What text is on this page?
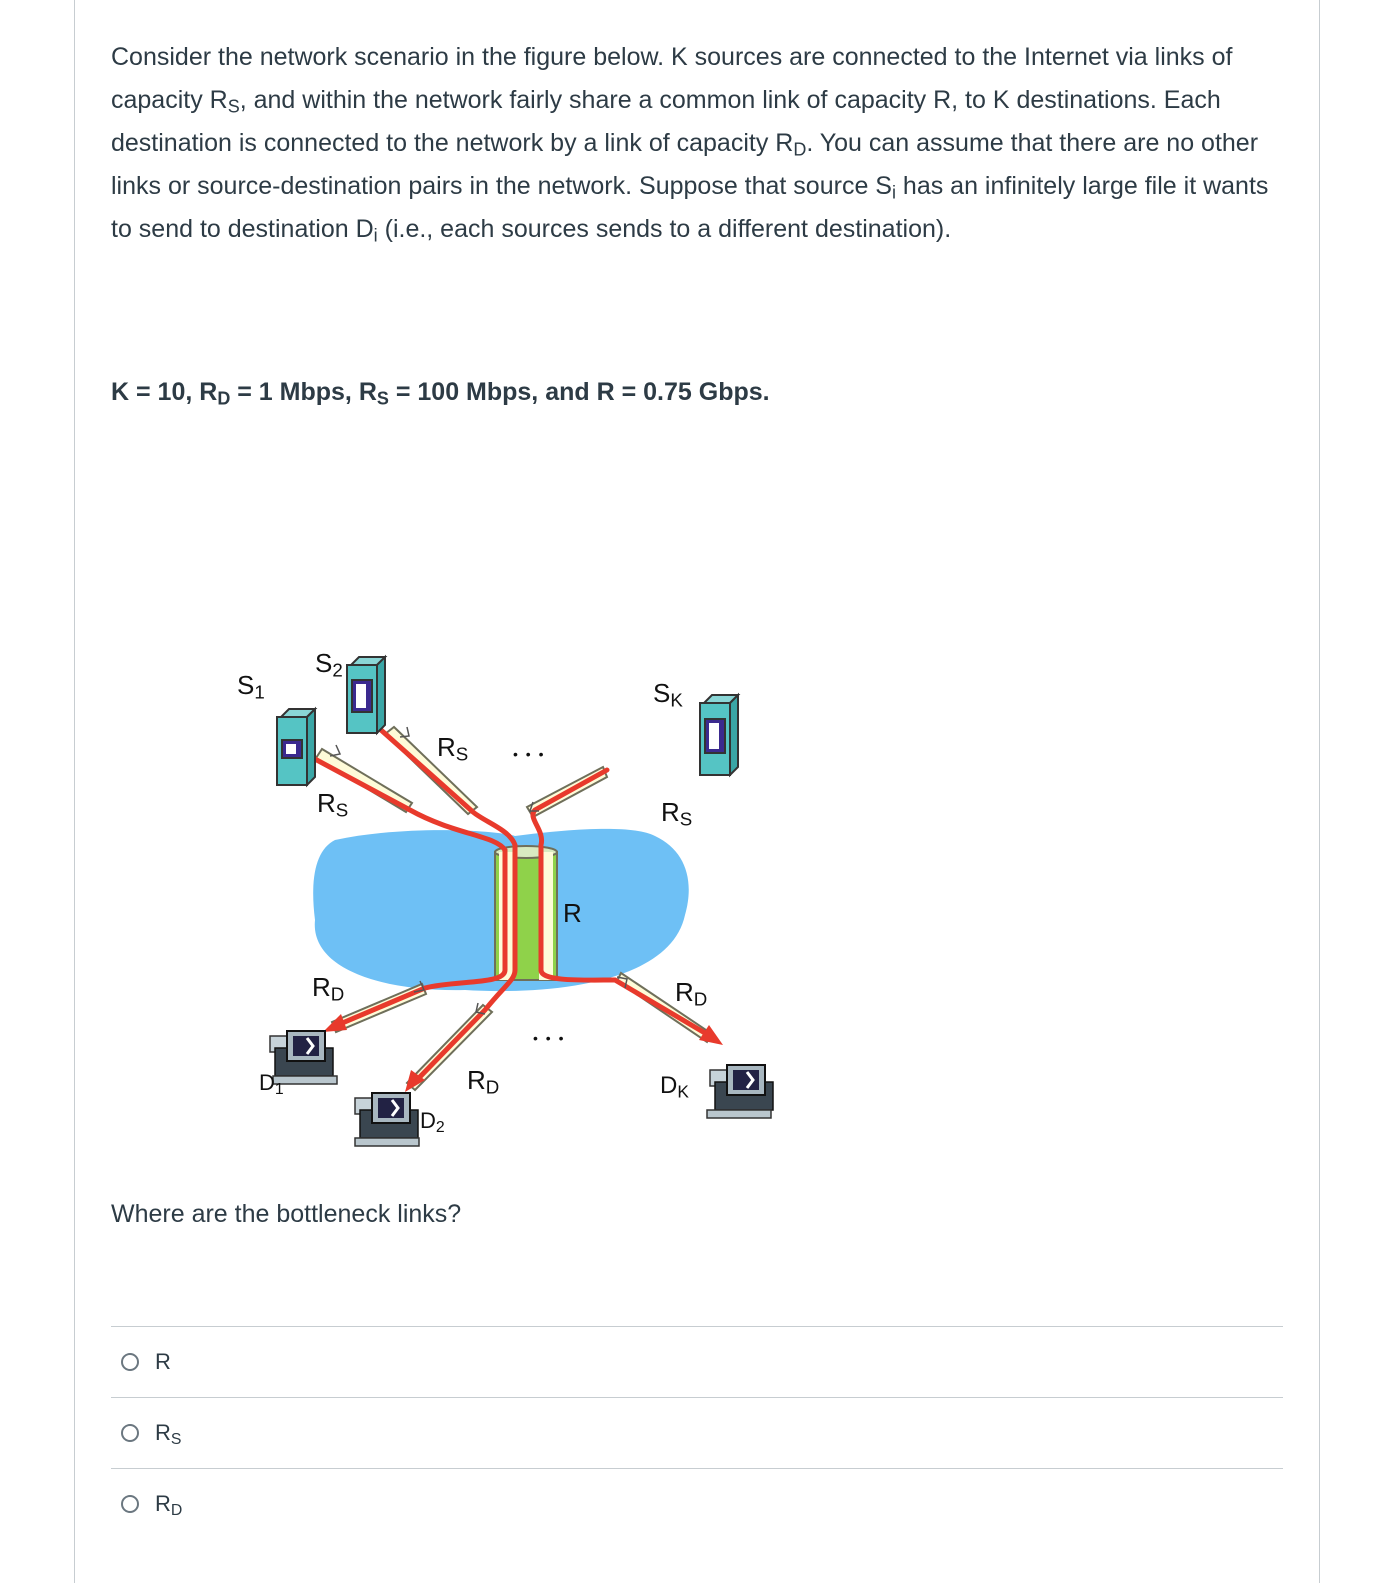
Consider the network scenario in the figure below. K sources are connected to the Internet via links of capacity $R_S$, and within the network fairly share a common link of capacity R, to K destinations. Each destination is connected to the network by a link of capacity $R_D$. You can assume that there are no other links or source-destination pairs in the network. Suppose that source $S_i$ has an infinitely large file it wants to send to destination $D_i$ (i.e., each sources sends to a different destination).
K = 10, $R_D = 1$ Mbps, $R_S = 100$ Mbps, and R = 0.75 Gbps.
$S_1$
$S_2$
$S_K$
$R_S$
$R_S$	$R_S$
• • •
R
$R_D$	$R_D$
$R_D$
• • •
$D_1$
$D_2$
$D_K$
Where are the bottleneck links?
R
$R_S$
$R_D$
